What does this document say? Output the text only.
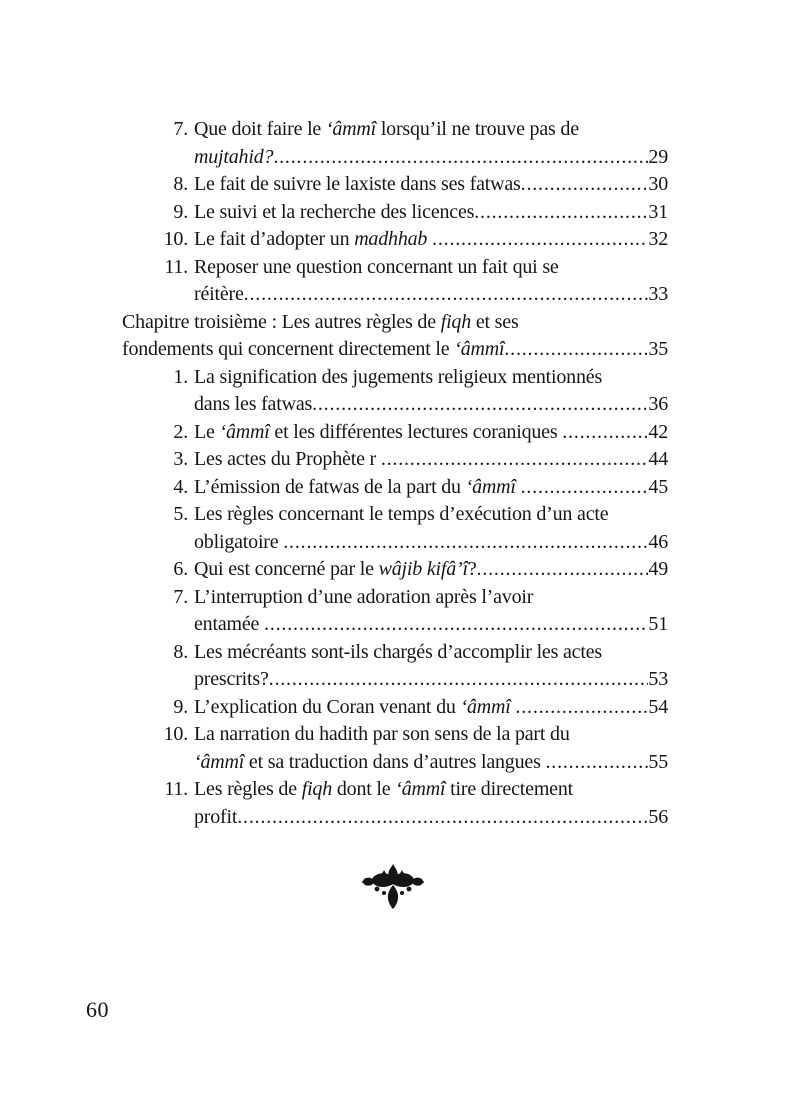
7. Que doit faire le ‘âmmî lorsqu’il ne trouve pas de
mujtahid? .....	29
8. Le fait de suivre le laxiste dans ses fatwas .....	30
9. Le suivi et la recherche des licences .....	31
10. Le fait d’adopter un madhhab .....	32
11. Reposer une question concernant un fait qui se
réitère .....	33
Chapitre troisième : Les autres règles de fiqh et ses
fondements qui concernent directement le ‘âmmî .....	35
1. La signification des jugements religieux mentionnés
dans les fatwas .....	36
2. Le ‘âmmî et les différentes lectures coraniques .....	42
3. Les actes du Prophète r .....	44
4. L’émission de fatwas de la part du ‘âmmî .....	45
5. Les règles concernant le temps d’exécution d’un acte
obligatoire .....	46
6. Qui est concerné par le wâjib kifâ’î? .....	49
7. L’interruption d’une adoration après l’avoir
entamée .....	51
8. Les mécréants sont-ils chargés d’accomplir les actes
prescrits? .....	53
9. L’explication du Coran venant du ‘âmmî .....	54
10. La narration du hadith par son sens de la part du
‘âmmî et sa traduction dans d’autres langues .....	55
11. Les règles de fiqh dont le ‘âmmî tire directement
profit .....	56
60
